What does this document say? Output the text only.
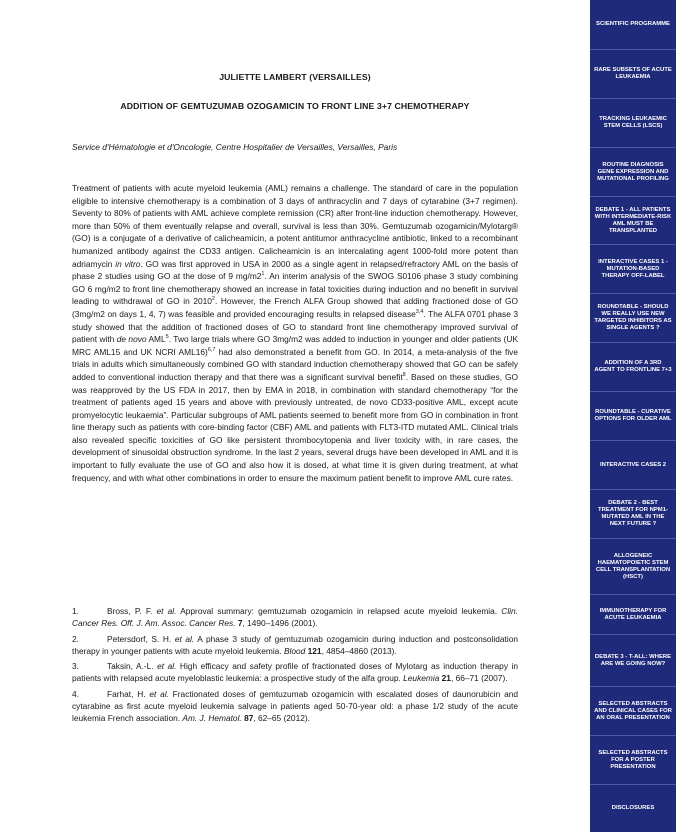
JULIETTE LAMBERT (VERSAILLES)
ADDITION OF GEMTUZUMAB OZOGAMICIN TO FRONT LINE 3+7 CHEMOTHERAPY
Service d'Hématologie et d'Oncologie, Centre Hospitalier de Versailles, Versailles, Paris

Treatment of patients with acute myeloid leukemia (AML) remains a challenge. The standard of care in the population eligible to intensive chemotherapy is a combination of 3 days of anthracyclin and 7 days of cytarabine (3+7 regimen). Seventy to 80% of patients with AML achieve complete remission (CR) after front-line induction chemotherapy. However, more than 50% of them eventually relapse and overall, survival is less than 30%. Gemtuzumab ozogamicin/Mylotarg® (GO) is a conjugate of a derivative of calicheamicin, a potent antitumor anthracycline antibiotic, linked to a recombinant humanized antibody against the CD33 antigen. Calicheamicin is an intercalating agent 1000-fold more potent than adriamycin in vitro. GO was first approved in USA in 2000 as a single agent in relapsed/refractory AML on the basis of phase 2 studies using GO at the dose of 9 $mg/m2^1$. An interim analysis of the SWOG S0106 phase 3 study combining GO 6 mg/m2 to front line chemotherapy showed an increase in fatal toxicities during induction and no benefit in survival leading to withdrawal of GO in 2010$^2$. However, the French ALFA Group showed that adding fractioned dose of GO (3mg/m2 on days 1, 4, 7) was feasible and provided encouraging results in relapsed disease$^{3,4}$. The ALFA 0701 phase 3 study showed that the addition of fractioned doses of GO to standard front line chemotherapy improved survival of patient with de novo AML$^5$. Two large trials where GO 3mg/m2 was added to induction in younger and older patients (UK MRC AML15 and UK NCRI AML16)$^{6,7}$ had also demonstrated a benefit from GO. In 2014, a meta-analysis of the five trials in adults which simultaneously combined GO with standard induction chemotherapy showed that GO can be safely added to conventional induction therapy and that there was a significant survival benefit$^8$. Based on these studies, GO was reapproved by the US FDA in 2017, then by EMA in 2018, in combination with standard chemotherapy “for the treatment of patients aged 15 years and above with previously untreated, de novo CD33-positive AML, except acute promyelocytic leukaemia”. Particular subgroups of AML patients seemed to benefit more from GO in combination in front line therapy such as patients with core-binding factor (CBF) AML and patients with FLT3-ITD mutated AML. Clinical trials also revealed specific toxicities of GO like persistent thrombocytopenia and liver toxicity with, in rare cases, the development of sinusoidal obstruction syndrome. In the last 2 years, several drugs have been developed in AML and it is important to fully evaluate the use of GO and also how it is dosed, at what time it is given during treatment, at what frequency, and with what other combinations in order to ensure the maximum patient benefit to improve AML cure rates.

1.	Bross, P. F. et al. Approval summary: gemtuzumab ozogamicin in relapsed acute myeloid leukemia. Clin. Cancer Res. Off. J. Am. Assoc. Cancer Res. 7, 1490–1496 (2001).
2.	Petersdorf, S. H. et al. A phase 3 study of gemtuzumab ozogamicin during induction and postconsolidation therapy in younger patients with acute myeloid leukemia. Blood 121, 4854–4860 (2013).
3.	Taksin, A.-L. et al. High efficacy and safety profile of fractionated doses of Mylotarg as induction therapy in patients with relapsed acute myeloblastic leukemia: a prospective study of the alfa group. Leukemia 21, 66–71 (2007).
4.	Farhat, H. et al. Fractionated doses of gemtuzumab ozogamicin with escalated doses of daunorubicin and cytarabine as first acute myeloid leukemia salvage in patients aged 50-70-year old: a phase 1/2 study of the acute leukemia French association. Am. J. Hematol. 87, 62–65 (2012).
SCIENTIFIC PROGRAMME
RARE SUBSETS OF ACUTE LEUKAEMIA
TRACKING LEUKAEMIC STEM CELLS (LSCS)
ROUTINE DIAGNOSIS GENE EXPRESSION AND MUTATIONAL PROFILING
DEBATE 1 - ALL PATIENTS WITH INTERMEDIATE-RISK AML MUST BE TRANSPLANTED
INTERACTIVE CASES 1 - MUTATION-BASED THERAPY OFF-LABEL
ROUNDTABLE - SHOULD WE REALLY USE NEW TARGETED INHIBITORS AS SINGLE AGENTS ?
ADDITION OF A 3RD AGENT TO FRONTLINE 7+3
ROUNDTABLE - CURATIVE OPTIONS FOR OLDER AML
INTERACTIVE CASES 2
DEBATE 2 - BEST TREATMENT FOR NPM1-MUTATED AML IN THE NEXT FUTURE ?
ALLOGENEIC HAEMATOPOIETIC STEM CELL TRANSPLANTATION (HSCT)
IMMUNOTHERAPY FOR ACUTE LEUKAEMIA
DEBATE 3 - T-ALL: WHERE ARE WE GOING NOW?
SELECTED ABSTRACTS AND CLINICAL CASES FOR AN ORAL PRESENTATION
SELECTED ABSTRACTS FOR A POSTER PRESENTATION
DISCLOSURES
